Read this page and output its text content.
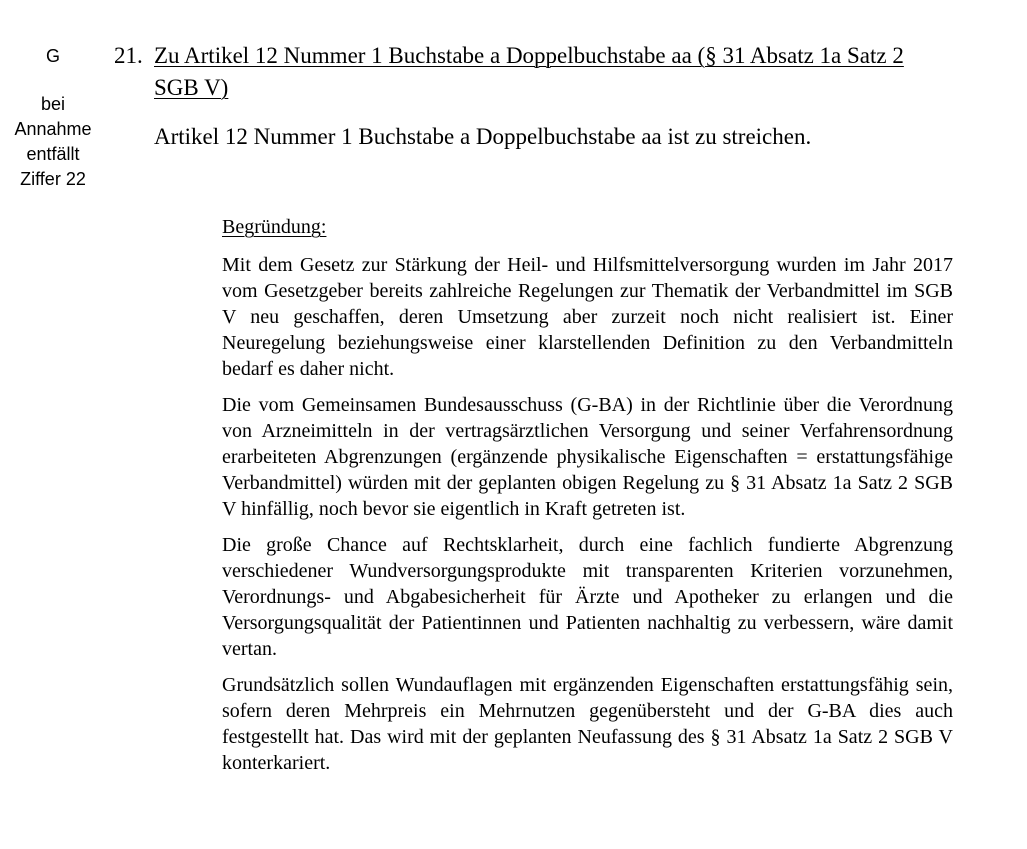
G
bei
Annahme
entfällt
Ziffer 22
21. Zu Artikel 12 Nummer 1 Buchstabe a Doppelbuchstabe aa (§ 31 Absatz 1a Satz 2 SGB V)
Artikel 12 Nummer 1 Buchstabe a Doppelbuchstabe aa ist zu streichen.

Begründung:

Mit dem Gesetz zur Stärkung der Heil- und Hilfsmittelversorgung wurden im Jahr 2017 vom Gesetzgeber bereits zahlreiche Regelungen zur Thematik der Verbandmittel im SGB V neu geschaffen, deren Umsetzung aber zurzeit noch nicht realisiert ist. Einer Neuregelung beziehungsweise einer klarstellenden Definition zu den Verbandmitteln bedarf es daher nicht.

Die vom Gemeinsamen Bundesausschuss (G-BA) in der Richtlinie über die Verordnung von Arzneimitteln in der vertragsärztlichen Versorgung und seiner Verfahrensordnung erarbeiteten Abgrenzungen (ergänzende physikalische Eigenschaften = erstattungsfähige Verbandmittel) würden mit der geplanten obigen Regelung zu § 31 Absatz 1a Satz 2 SGB V hinfällig, noch bevor sie eigentlich in Kraft getreten ist.

Die große Chance auf Rechtsklarheit, durch eine fachlich fundierte Abgrenzung verschiedener Wundversorgungsprodukte mit transparenten Kriterien vorzunehmen, Verordnungs- und Abgabesicherheit für Ärzte und Apotheker zu erlangen und die Versorgungsqualität der Patientinnen und Patienten nachhaltig zu verbessern, wäre damit vertan.

Grundsätzlich sollen Wundauflagen mit ergänzenden Eigenschaften erstattungsfähig sein, sofern deren Mehrpreis ein Mehrnutzen gegenübersteht und der G-BA dies auch festgestellt hat. Das wird mit der geplanten Neufassung des § 31 Absatz 1a Satz 2 SGB V konterkariert.
